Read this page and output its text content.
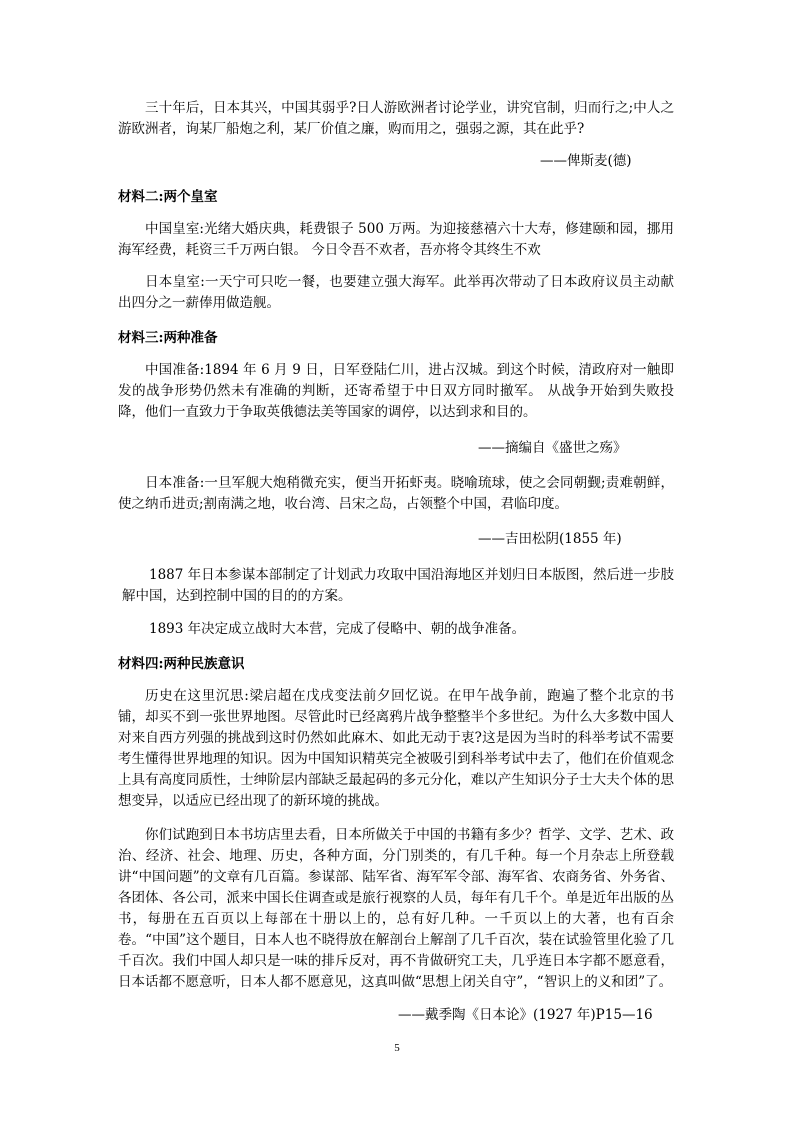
三十年后，日本其兴，中国其弱乎?日人游欧洲者讨论学业，讲究官制，归而行之;中人之游欧洲者，询某厂船炮之利，某厂价值之廉，购而用之，强弱之源，其在此乎?

——俾斯麦(德)

材料二:两个皇室

中国皇室:光绪大婚庆典，耗费银子 500 万两。为迎接慈禧六十大寿，修建颐和园，挪用海军经费，耗资三千万两白银。 今日令吾不欢者，吾亦将令其终生不欢

日本皇室:一天宁可只吃一餐，也要建立强大海军。此举再次带动了日本政府议员主动献出四分之一薪俸用做造舰。

材料三:两种准备

中国准备:1894 年 6 月 9 日，日军登陆仁川，进占汉城。到这个时候，清政府对一触即发的战争形势仍然未有准确的判断，还寄希望于中日双方同时撤军。 从战争开始到失败投降，他们一直致力于争取英俄德法美等国家的调停，以达到求和目的。

——摘编自《盛世之殇》

日本准备:一旦军舰大炮稍微充实，便当开拓虾夷。晓喻琉球，使之会同朝觐;责难朝鲜，使之纳币进贡;割南满之地，收台湾、吕宋之岛，占领整个中国，君临印度。

——吉田松阴(1855 年)

1887 年日本参谋本部制定了计划武力攻取中国沿海地区并划归日本版图，然后进一步肢解中国，达到控制中国的目的的方案。

1893 年决定成立战时大本营，完成了侵略中、朝的战争准备。

材料四:两种民族意识

历史在这里沉思:梁启超在戊戌变法前夕回忆说。在甲午战争前，跑遍了整个北京的书铺，却买不到一张世界地图。尽管此时已经离鸦片战争整整半个多世纪。为什么大多数中国人对来自西方列强的挑战到这时仍然如此麻木、如此无动于衷?这是因为当时的科举考试不需要考生懂得世界地理的知识。因为中国知识精英完全被吸引到科举考试中去了，他们在价值观念上具有高度同质性，士绅阶层内部缺乏最起码的多元分化，难以产生知识分子士大夫个体的思想变异，以适应已经出现了的新环境的挑战。

你们试跑到日本书坊店里去看，日本所做关于中国的书籍有多少？哲学、文学、艺术、政治、经济、社会、地理、历史，各种方面，分门别类的，有几千种。每一个月杂志上所登载讲“中国问题”的文章有几百篇。参谋部、陆军省、海军军令部、海军省、农商务省、外务省、各团体、各公司，派来中国长住调查或是旅行视察的人员，每年有几千个。单是近年出版的丛书，每册在五百页以上每部在十册以上的，总有好几种。一千页以上的大著，也有百余卷。“中国”这个题目，日本人也不晓得放在解剖台上解剖了几千百次，装在试验管里化验了几千百次。我们中国人却只是一味的排斥反对，再不肯做研究工夫，几乎连日本字都不愿意看，日本话都不愿意听，日本人都不愿意见，这真叫做“思想上闭关自守”，“智识上的义和团”了。

——戴季陶《日本论》(1927 年)P15—16

5
